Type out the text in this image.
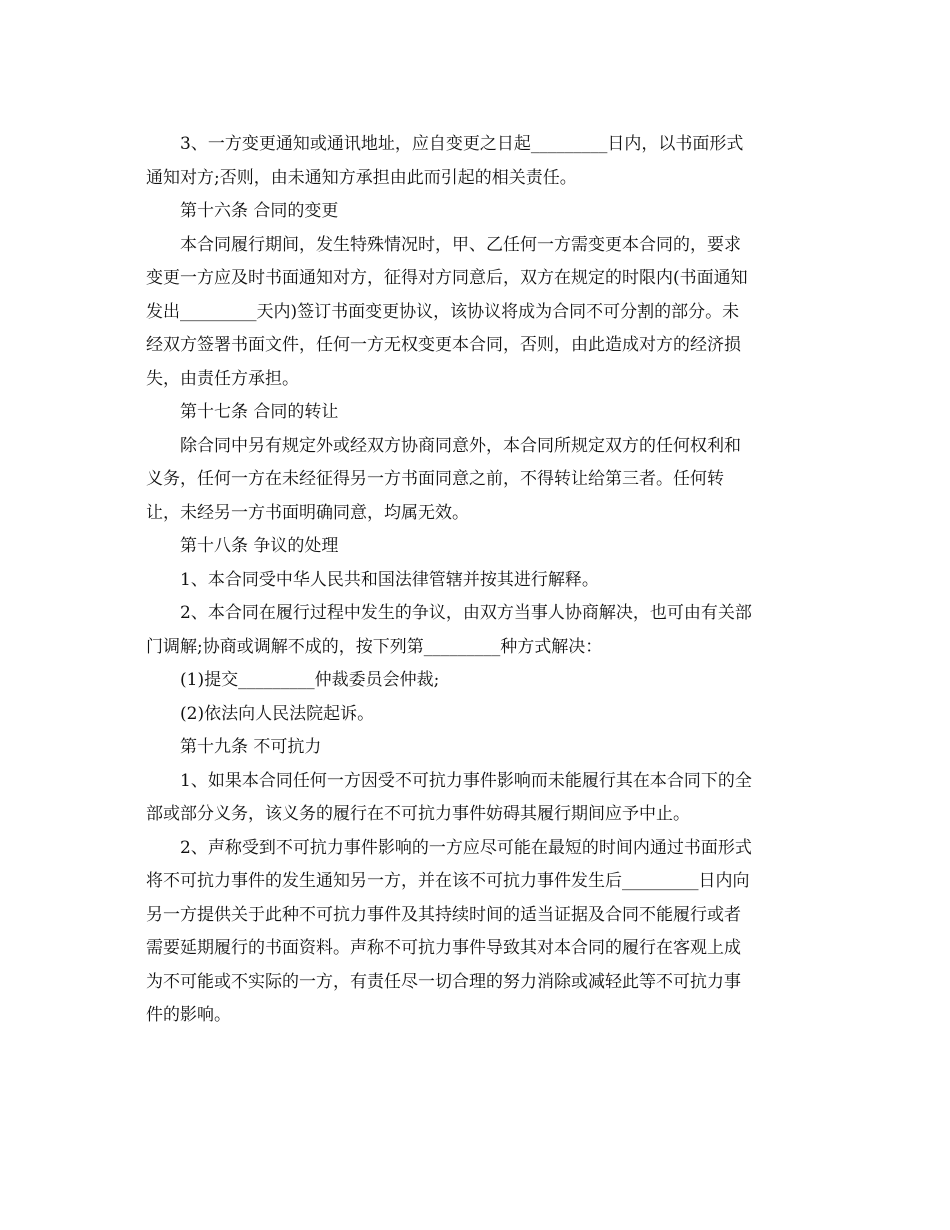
3、一方变更通知或通讯地址，应自变更之日起_________日内，以书面形式
通知对方;否则，由未通知方承担由此而引起的相关责任。
第十六条 合同的变更
本合同履行期间，发生特殊情况时，甲、乙任何一方需变更本合同的，要求
变更一方应及时书面通知对方，征得对方同意后，双方在规定的时限内(书面通知
发出_________天内)签订书面变更协议，该协议将成为合同不可分割的部分。未
经双方签署书面文件，任何一方无权变更本合同，否则，由此造成对方的经济损
失，由责任方承担。
第十七条 合同的转让
除合同中另有规定外或经双方协商同意外，本合同所规定双方的任何权利和
义务，任何一方在未经征得另一方书面同意之前，不得转让给第三者。任何转
让，未经另一方书面明确同意，均属无效。
第十八条 争议的处理
1、本合同受中华人民共和国法律管辖并按其进行解释。
2、本合同在履行过程中发生的争议，由双方当事人协商解决，也可由有关部
门调解;协商或调解不成的，按下列第_________种方式解决：
(1)提交_________仲裁委员会仲裁;
(2)依法向人民法院起诉。
第十九条 不可抗力
1、如果本合同任何一方因受不可抗力事件影响而未能履行其在本合同下的全
部或部分义务，该义务的履行在不可抗力事件妨碍其履行期间应予中止。
2、声称受到不可抗力事件影响的一方应尽可能在最短的时间内通过书面形式
将不可抗力事件的发生通知另一方，并在该不可抗力事件发生后_________日内向
另一方提供关于此种不可抗力事件及其持续时间的适当证据及合同不能履行或者
需要延期履行的书面资料。声称不可抗力事件导致其对本合同的履行在客观上成
为不可能或不实际的一方，有责任尽一切合理的努力消除或减轻此等不可抗力事
件的影响。
